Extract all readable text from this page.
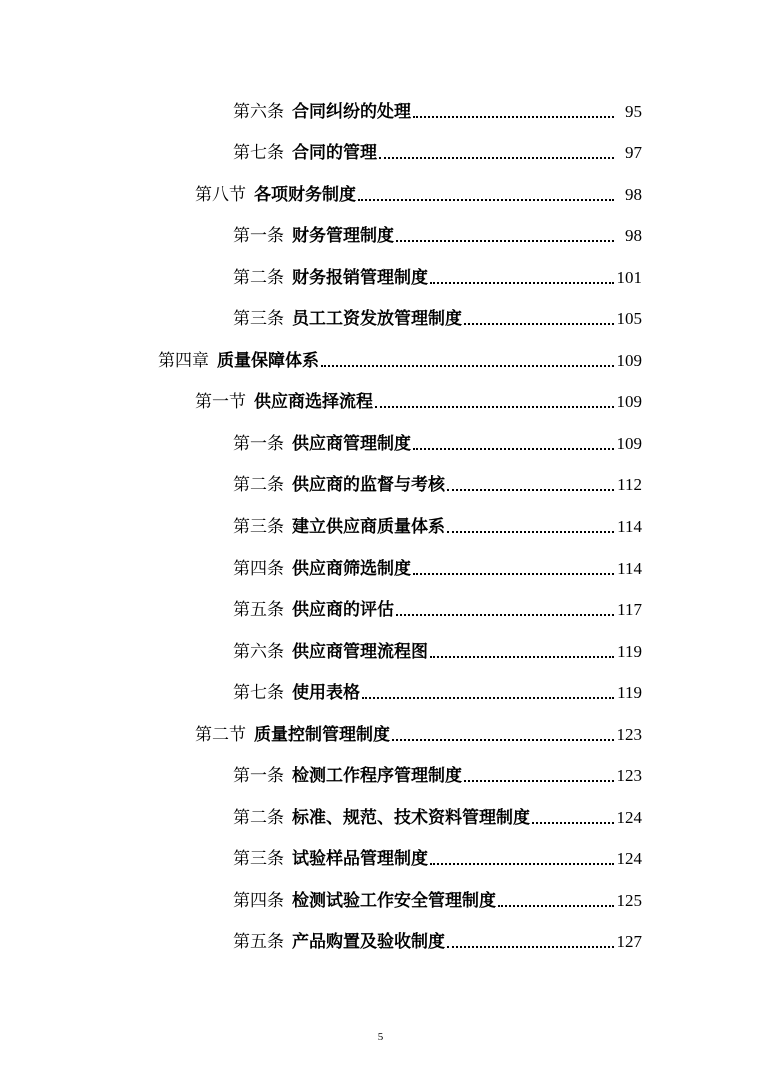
第六条 合同纠纷的处理	95
第七条 合同的管理	97
第八节 各项财务制度	98
第一条 财务管理制度	98
第二条 财务报销管理制度	101
第三条 员工工资发放管理制度	105
第四章 质量保障体系	109
第一节 供应商选择流程	109
第一条 供应商管理制度	109
第二条 供应商的监督与考核	112
第三条 建立供应商质量体系	114
第四条 供应商筛选制度	114
第五条 供应商的评估	117
第六条 供应商管理流程图	119
第七条 使用表格	119
第二节 质量控制管理制度	123
第一条 检测工作程序管理制度	123
第二条 标准、规范、技术资料管理制度	124
第三条 试验样品管理制度	124
第四条 检测试验工作安全管理制度	125
第五条 产品购置及验收制度	127
5
